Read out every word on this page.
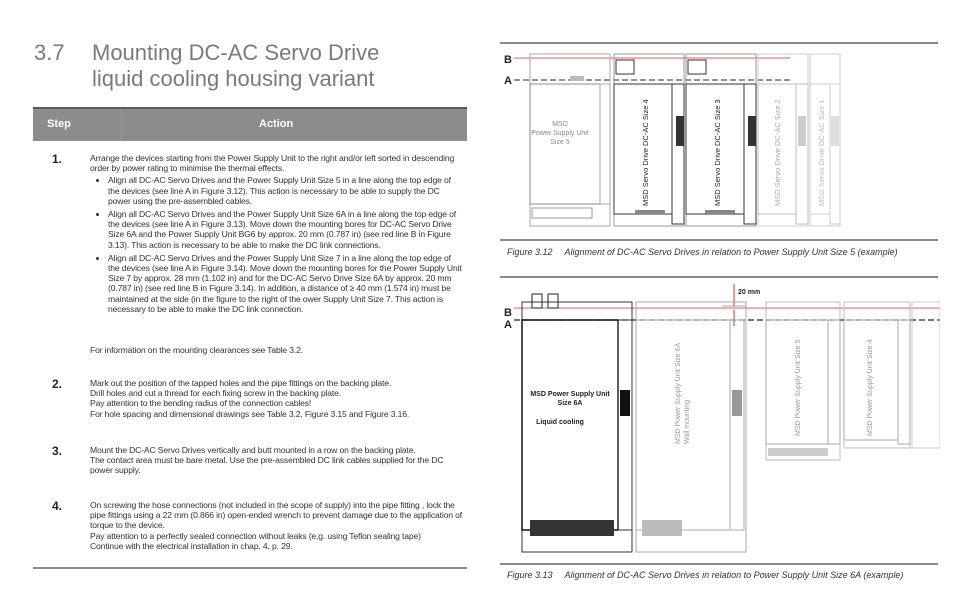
3.7 Mounting DC-AC Servo Drive
liquid cooling housing variant
Step	Action
1.	Arrange the devices starting from the Power Supply Unit to the right and/or left sorted in descending order by power rating to minimise the thermal effects.

• Align all DC-AC Servo Drives and the Power Supply Unit Size 5 in a line along the top edge of the devices (see line A in Figure 3.12). This action is necessary to be able to supply the DC power using the pre-assembled cables.
• Align all DC-AC Servo Drives and the Power Supply Unit Size 6A in a line along the top edge of the devices (see line A in Figure 3.13). Move down the mounting bores for DC-AC Servo Drive Size 6A and the Power Supply Unit BG6 by approx. 20 mm (0.787 in) (see red line B in Figure 3.13). This action is necessary to be able to make the DC link connections.
• Align all DC-AC Servo Drives and the Power Supply Unit Size 7 in a line along the top edge of the devices (see line A in Figure 3.14). Move down the mounting bores for the Power Supply Unit Size 7 by approx. 28 mm (1.102 in) and for the DC-AC Servo Drive Size 6A by approx. 20 mm (0.787 in) (see red line B in Figure 3.14). In addition, a distance of ≥ 40 mm (1.574 in) must be maintained at the side (in the figure to the right of the ower Supply Unit Size 7. This action is necessary to be able to make the DC link connection.
For information on the mounting clearances see Table 3.2.
2.	Mark out the position of the tapped holes and the pipe fittings on the backing plate.

Drill holes and cut a thread for each fixing screw in the backing plate.

Pay attention to the bending radius of the connection cables!

For hole spacing and dimensional drawings see Table 3.2, Figure 3.15 and Figure 3.16.

3.	Mount the DC-AC Servo Drives vertically and butt mounted in a row on the backing plate.

The contact area must be bare metal. Use the pre-assembled DC link cables supplied for the DC power supply.

4.	On screwing the hose connections (not included in the scope of supply) into the pipe fitting , lock the pipe fittings using a 22 mm (0.866 in) open-ended wrench to prevent damage due to the application of torque to the device.

Pay attention to a perfectly sealed connection without leaks (e.g. using Teflon sealing tape)

Continue with the electrical installation in chap. 4, p. 29.

B
A
MSD
Power Supply Unit
Size 5	MSD Servo Drive DC-AC Size 4	MSD Servo Drive DC-AC Size 3	MSD Servo Drive DC-AC Size 2	MSD Servo Drive DC-AC Size 1
Figure 3.12 Alignment of DC-AC Servo Drives in relation to Power Supply Unit Size 5 (example)
B
A
20 mm
MSD Power Supply Unit
Size 6A
Liquid cooling	MSD Power Supply Unit Size 6A Wall mounting	MSD Power Supply Unit Size 5	MSD Power Supply Unit Size 4
Figure 3.13 Alignment of DC-AC Servo Drives in relation to Power Supply Unit Size 6A (example)
